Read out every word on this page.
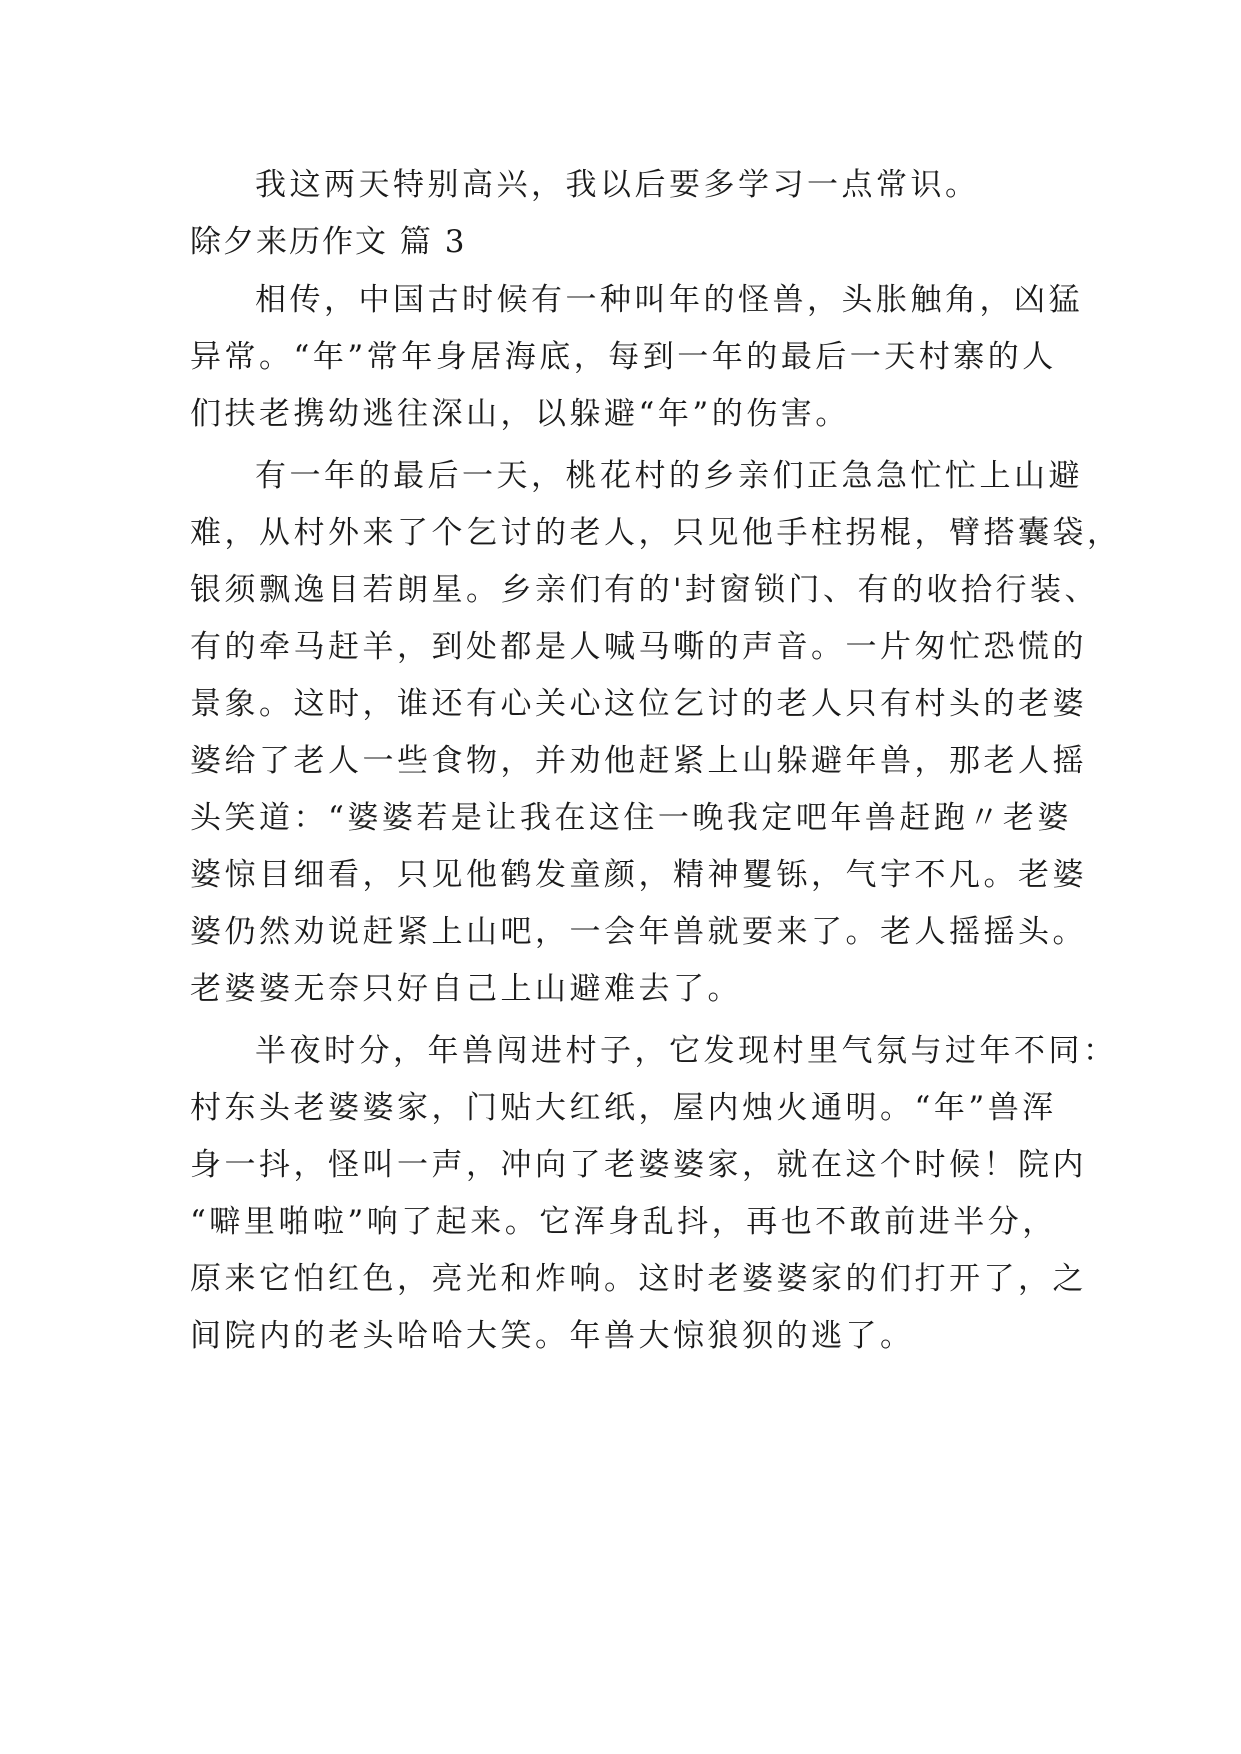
我这两天特别高兴，我以后要多学习一点常识。
除夕来历作文 篇 3
相传，中国古时候有一种叫年的怪兽，头胀触角，凶猛
异常。“年”常年身居海底，每到一年的最后一天村寨的人
们扶老携幼逃往深山，以躲避“年”的伤害。
有一年的最后一天，桃花村的乡亲们正急急忙忙上山避
难，从村外来了个乞讨的老人，只见他手柱拐棍，臂搭囊袋，
银须飘逸目若朗星。乡亲们有的'封窗锁门、有的收拾行装、
有的牵马赶羊，到处都是人喊马嘶的声音。一片匆忙恐慌的
景象。这时，谁还有心关心这位乞讨的老人只有村头的老婆
婆给了老人一些食物，并劝他赶紧上山躲避年兽，那老人摇
头笑道：“婆婆若是让我在这住一晚我定吧年兽赶跑〃老婆
婆惊目细看，只见他鹤发童颜，精神矍铄，气宇不凡。老婆
婆仍然劝说赶紧上山吧，一会年兽就要来了。老人摇摇头。
老婆婆无奈只好自己上山避难去了。
半夜时分，年兽闯进村子，它发现村里气氛与过年不同：
村东头老婆婆家，门贴大红纸，屋内烛火通明。“年”兽浑
身一抖，怪叫一声，冲向了老婆婆家，就在这个时候！院内
“噼里啪啦”响了起来。它浑身乱抖，再也不敢前进半分，
原来它怕红色，亮光和炸响。这时老婆婆家的们打开了，之
间院内的老头哈哈大笑。年兽大惊狼狈的逃了。
